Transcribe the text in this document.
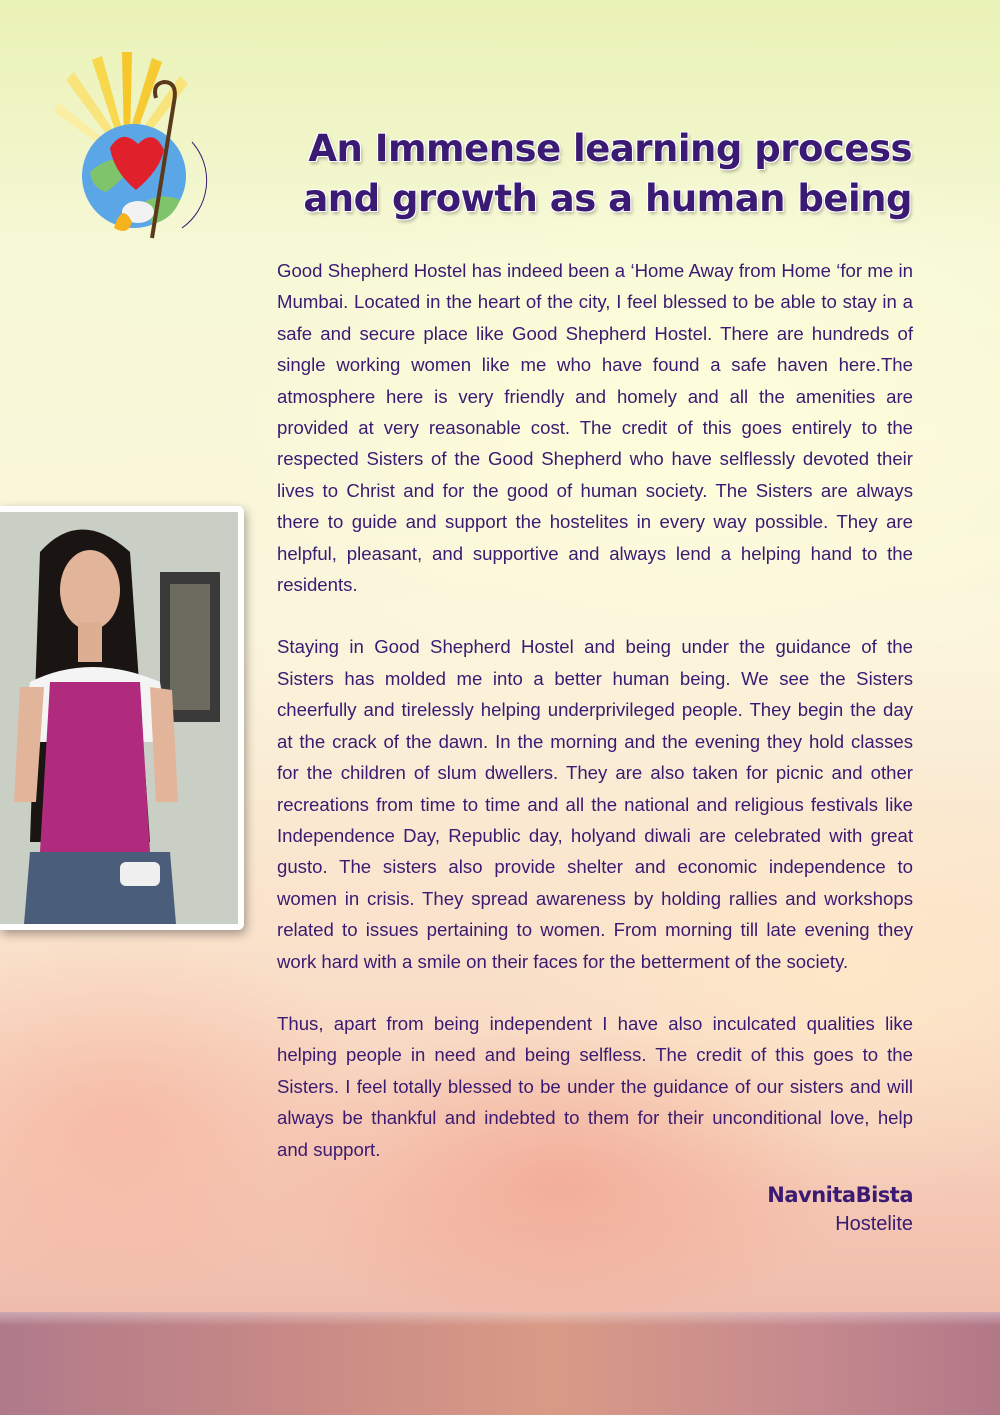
An Immense learning process
and growth as a human being

Good Shepherd Hostel has indeed been a ‘Home Away from Home ‘for me in Mumbai. Located in the heart of the city, I feel blessed to be able to stay in a safe and secure place like Good Shepherd Hostel. There are hundreds of single working women like me who have found a safe haven here.The atmosphere here is very friendly and homely and all the amenities are provided at very reasonable cost. The credit of this goes entirely to the respected Sisters of the Good Shepherd who have selflessly devoted their lives to Christ and for the good of human society. The Sisters are always there to guide and support the hostelites in every way possible. They are helpful, pleasant, and supportive and always lend a helping hand to the residents.

Staying in Good Shepherd Hostel and being under the guidance of the Sisters has molded me into a better human being. We see the Sisters cheerfully and tirelessly helping underprivileged people. They begin the day at the crack of the dawn. In the morning and the evening they hold classes for the children of slum dwellers. They are also taken for picnic and other recreations from time to time and all the national and religious festivals like Independence Day, Republic day, holyand diwali are celebrated with great gusto. The sisters also provide shelter and economic independence to women in crisis. They spread awareness by holding rallies and workshops related to issues pertaining to women. From morning till late evening they work hard with a smile on their faces for the betterment of the society.

Thus, apart from being independent I have also inculcated qualities like helping people in need and being selfless. The credit of this goes to the Sisters. I feel totally blessed to be under the guidance of our sisters and will always be thankful and indebted to them for their unconditional love, help and support.

NavnitaBista
Hostelite
